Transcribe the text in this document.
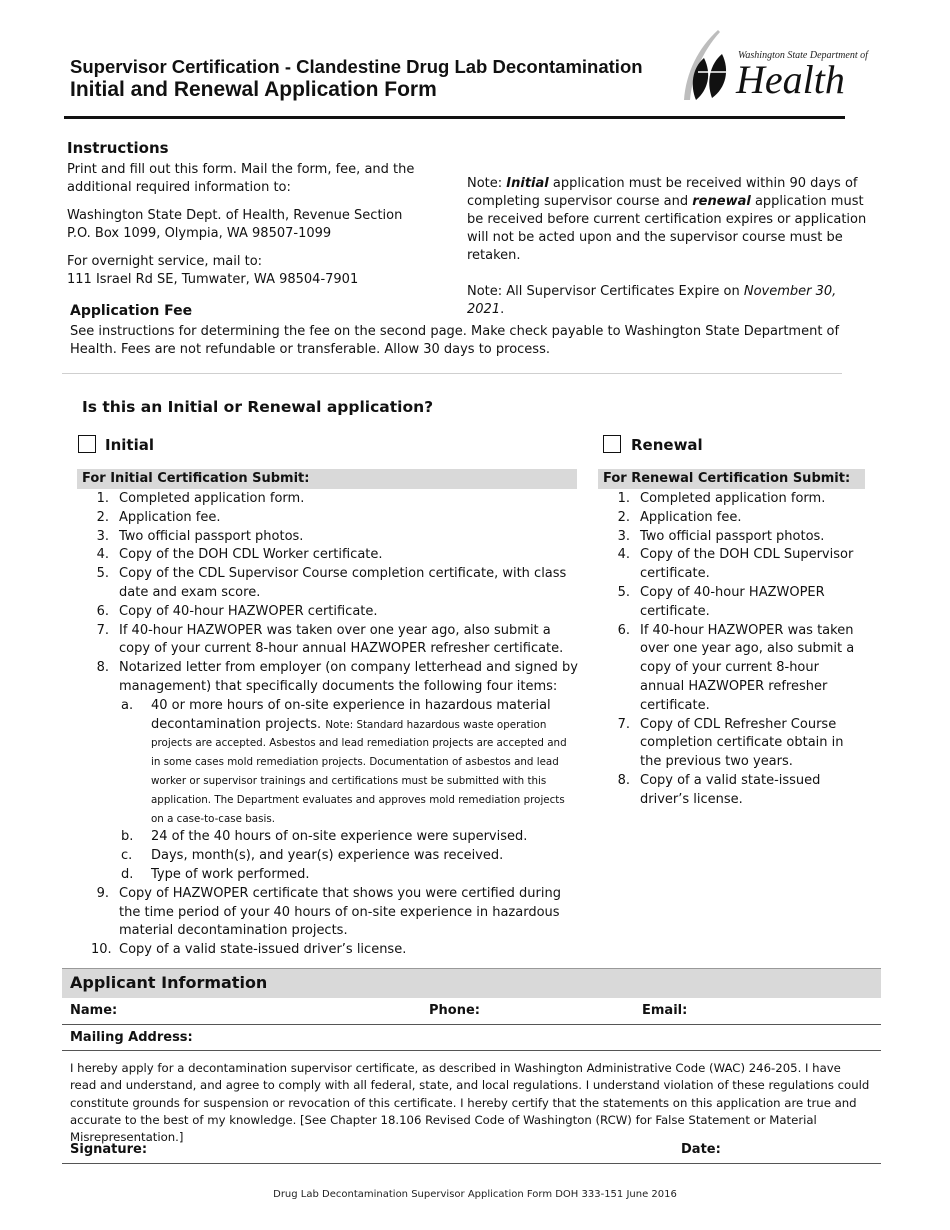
Supervisor Certification - Clandestine Drug Lab Decontamination
Initial and Renewal Application Form
Washington State Department of
Health
Instructions

Print and fill out this form. Mail the form, fee, and the additional required information to:

Washington State Dept. of Health, Revenue Section
P.O. Box 1099, Olympia, WA 98507-1099

For overnight service, mail to:
111 Israel Rd SE, Tumwater, WA 98504-7901

Note: Initial application must be received within 90 days of completing supervisor course and renewal application must be received before current certification expires or application will not be acted upon and the supervisor course must be retaken.

Note: All Supervisor Certificates Expire on November 30, 2021.

Application Fee
See instructions for determining the fee on the second page. Make check payable to Washington State Department of Health. Fees are not refundable or transferable. Allow 30 days to process.
Is this an Initial or Renewal application?
Initial	Renewal
For Initial Certification Submit:	For Renewal Certification Submit:
1. Completed application form.
2. Application fee.
3. Two official passport photos.
4. Copy of the DOH CDL Worker certificate.
5. Copy of the CDL Supervisor Course completion certificate, with class date and exam score.
6. Copy of 40-hour HAZWOPER certificate.
7. If 40-hour HAZWOPER was taken over one year ago, also submit a copy of your current 8-hour annual HAZWOPER refresher certificate.
8. Notarized letter from employer (on company letterhead and signed by management) that specifically documents the following four items:
a.	40 or more hours of on-site experience in hazardous material decontamination projects. Note: Standard hazardous waste operation projects are accepted. Asbestos and lead remediation projects are accepted and in some cases mold remediation projects. Documentation of asbestos and lead worker or supervisor trainings and certifications must be submitted with this application. The Department evaluates and approves mold remediation projects on a case-to-case basis.
b.	24 of the 40 hours of on-site experience were supervised.
c.	Days, month(s), and year(s) experience was received.
d.	Type of work performed.
9. Copy of HAZWOPER certificate that shows you were certified during the time period of your 40 hours of on-site experience in hazardous material decontamination projects.
10. Copy of a valid state-issued driver’s license.
1. Completed application form.
2. Application fee.
3. Two official passport photos.
4. Copy of the DOH CDL Supervisor certificate.
5. Copy of 40-hour HAZWOPER certificate.
6. If 40-hour HAZWOPER was taken over one year ago, also submit a copy of your current 8-hour annual HAZWOPER refresher certificate.
7. Copy of CDL Refresher Course completion certificate obtain in the previous two years.
8. Copy of a valid state-issued driver’s license.
Applicant Information
Name:	Phone:	Email:
Mailing Address:
I hereby apply for a decontamination supervisor certificate, as described in Washington Administrative Code (WAC) 246-205. I have read and understand, and agree to comply with all federal, state, and local regulations. I understand violation of these regulations could constitute grounds for suspension or revocation of this certificate. I hereby certify that the statements on this application are true and accurate to the best of my knowledge. [See Chapter 18.106 Revised Code of Washington (RCW) for False Statement or Material Misrepresentation.]
Signature:	Date:
Drug Lab Decontamination Supervisor Application Form DOH 333-151 June 2016
